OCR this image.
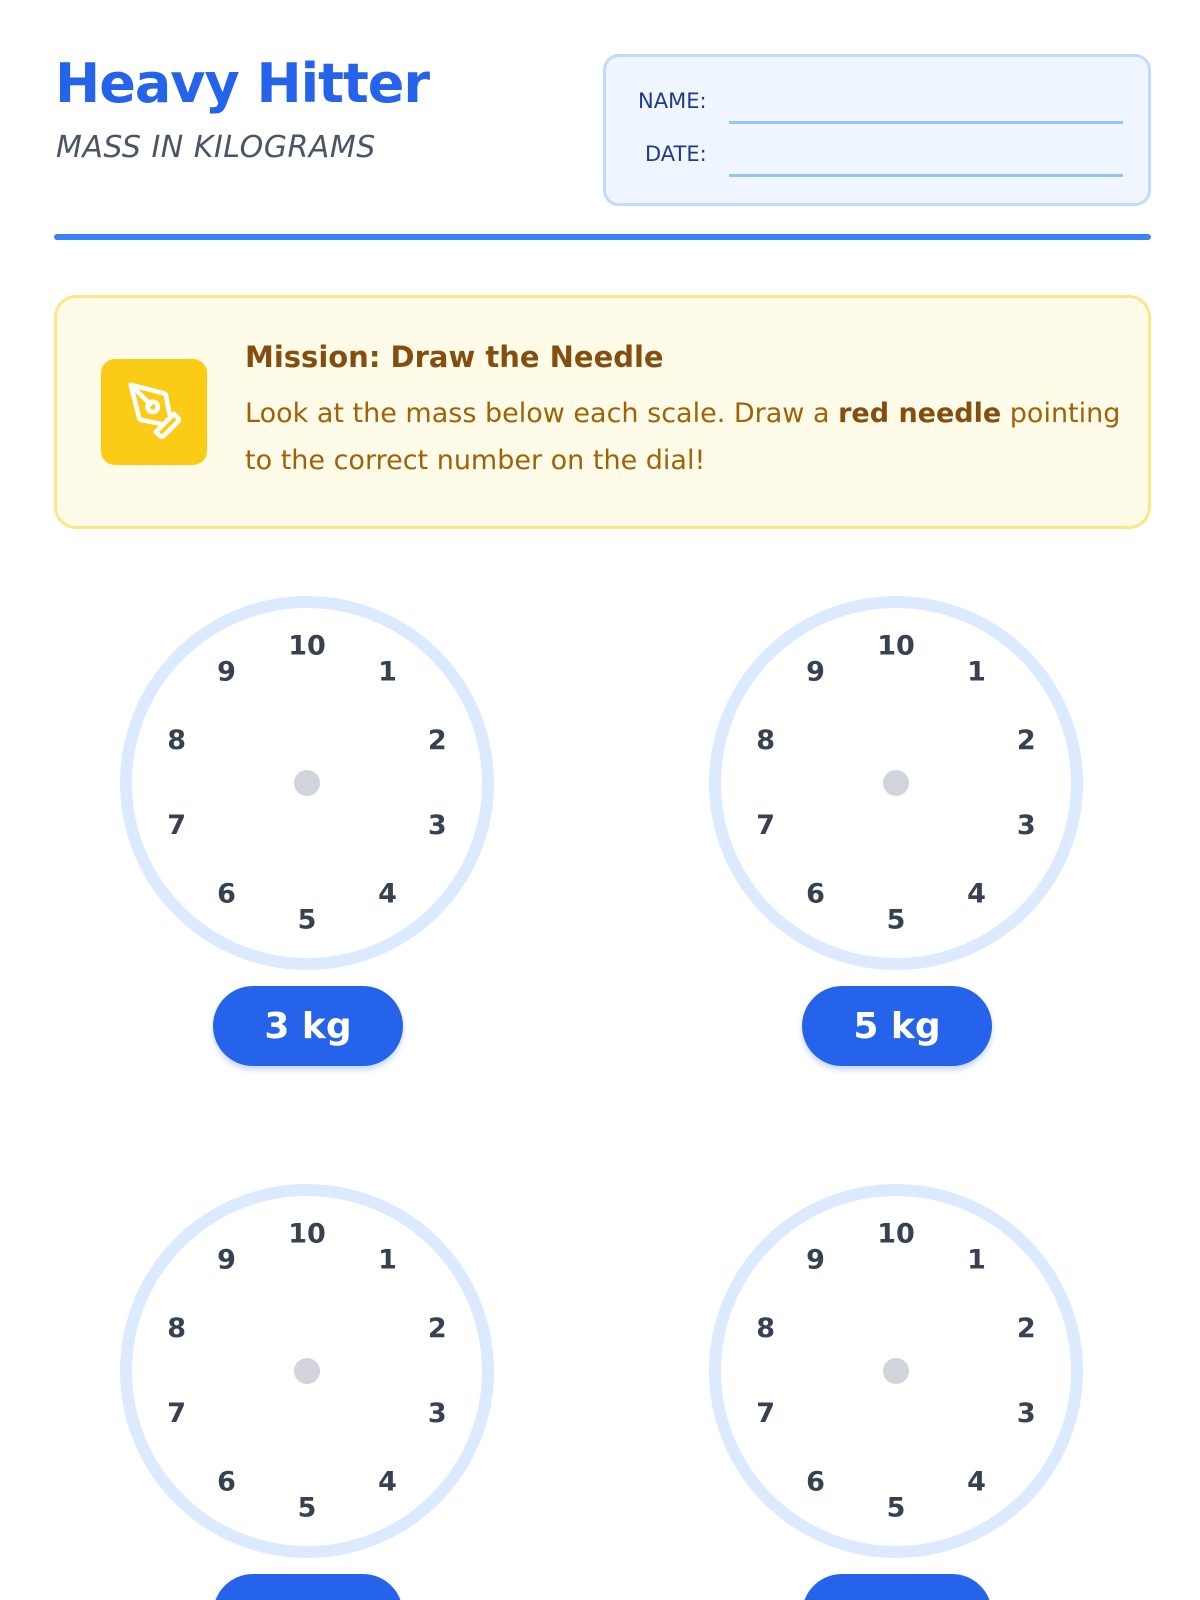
Heavy Hitter
MASS IN KILOGRAMS
NAME:
DATE:
Mission: Draw the Needle
Look at the mass below each scale. Draw a red needle pointing to the correct number on the dial!
10
1
2
3
4
5
6
7
8
9
3 kg
10
1
2
3
4
5
6
7
8
9
5 kg
10
1
2
3
4
5
6
7
8
9
10
1
2
3
4
5
6
7
8
9
